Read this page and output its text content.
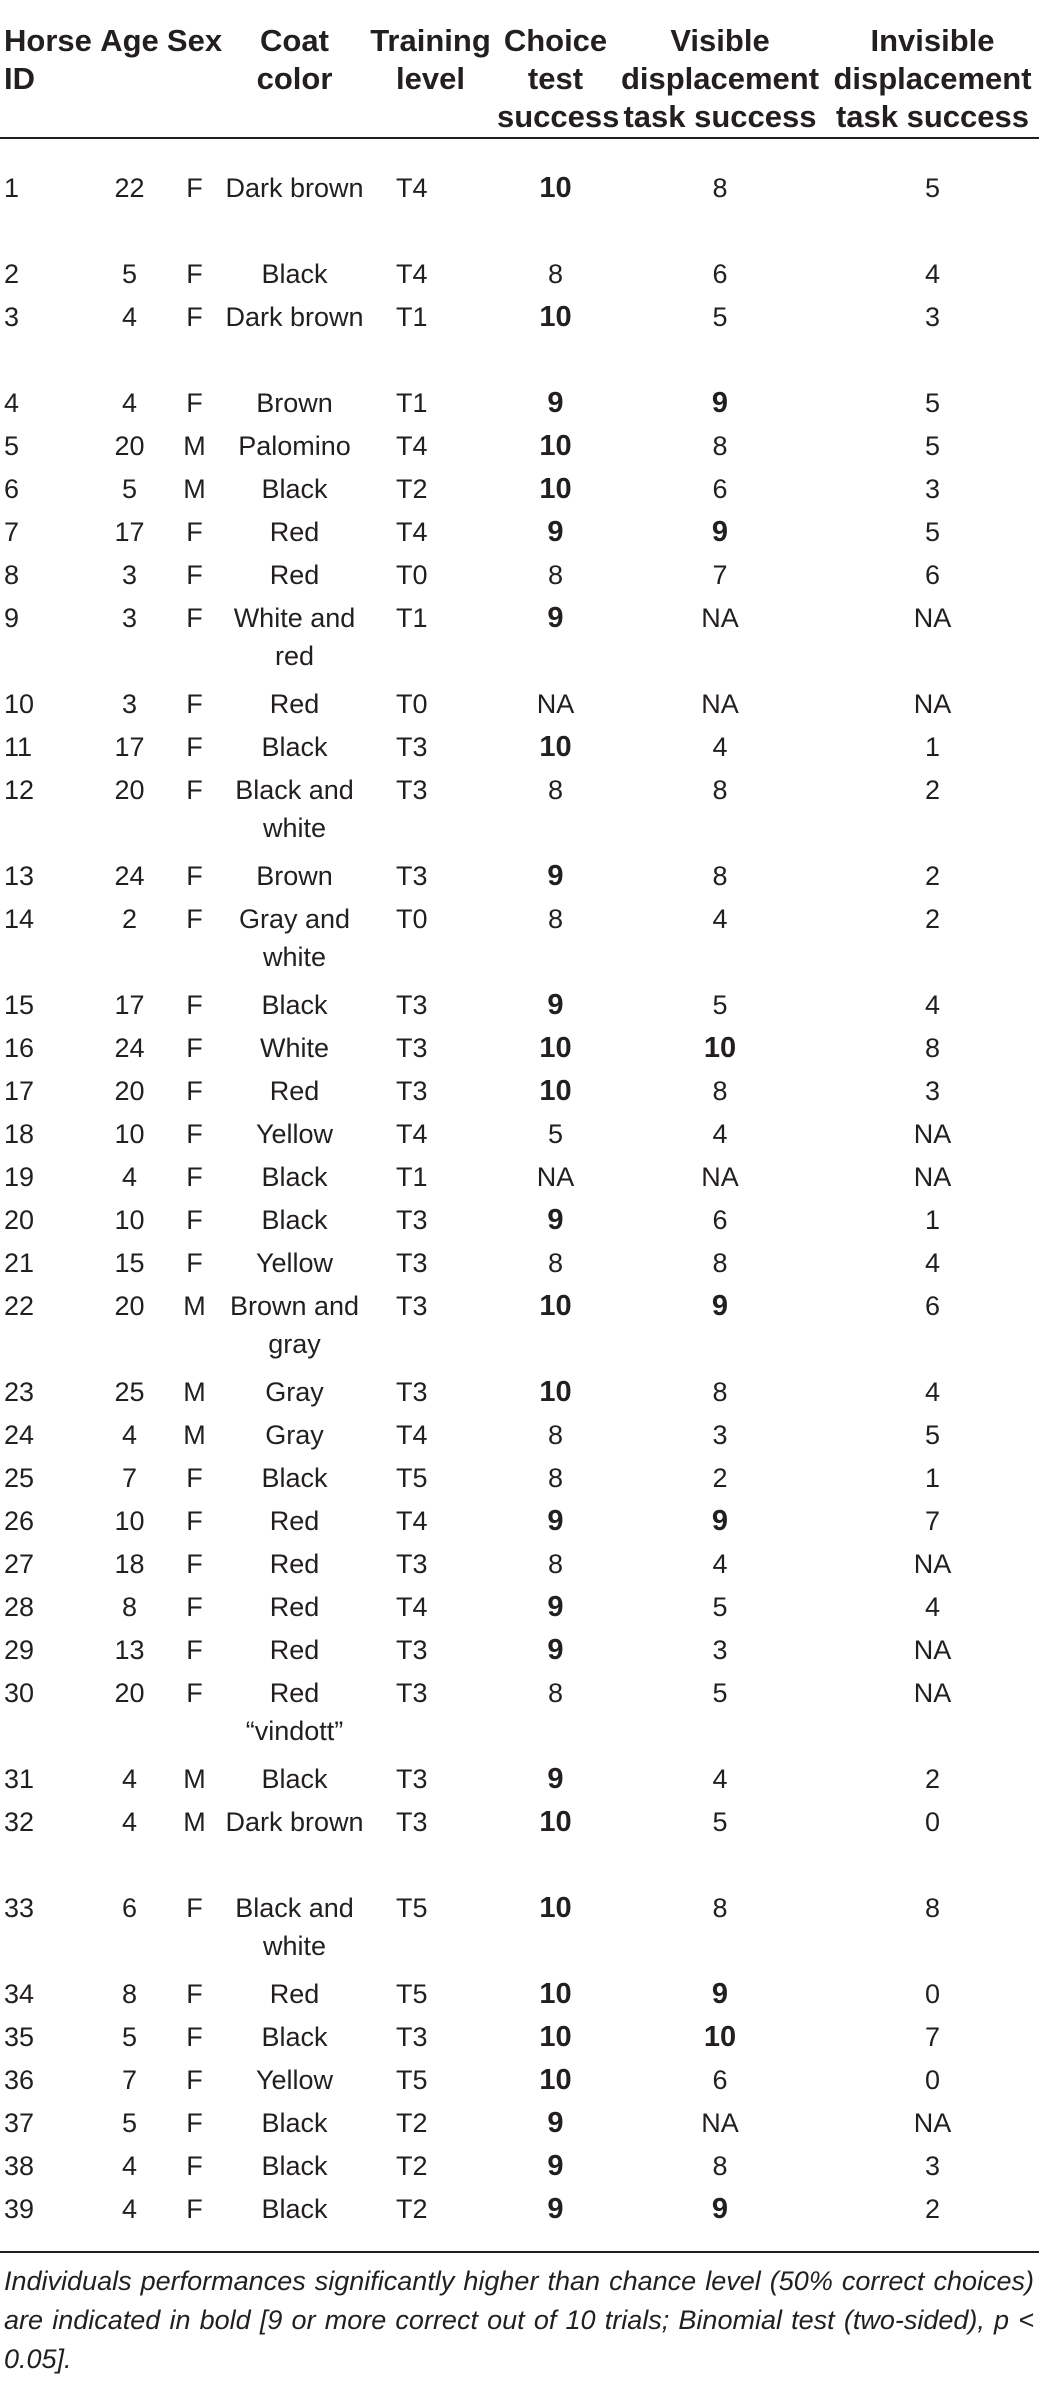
Horse ID	Age	Sex	Coat color	Training level	Choice test success	Visible displacement task success	Invisible displacement task success
1	22	F	Dark brown	T4	10	8	5
2	5	F	Black	T4	8	6	4
3	4	F	Dark brown	T1	10	5	3
4	4	F	Brown	T1	9	9	5
5	20	M	Palomino	T4	10	8	5
6	5	M	Black	T2	10	6	3
7	17	F	Red	T4	9	9	5
8	3	F	Red	T0	8	7	6
9	3	F	White and red	T1	9	NA	NA
10	3	F	Red	T0	NA	NA	NA
11	17	F	Black	T3	10	4	1
12	20	F	Black and white	T3	8	8	2
13	24	F	Brown	T3	9	8	2
14	2	F	Gray and white	T0	8	4	2
15	17	F	Black	T3	9	5	4
16	24	F	White	T3	10	10	8
17	20	F	Red	T3	10	8	3
18	10	F	Yellow	T4	5	4	NA
19	4	F	Black	T1	NA	NA	NA
20	10	F	Black	T3	9	6	1
21	15	F	Yellow	T3	8	8	4
22	20	M	Brown and gray	T3	10	9	6
23	25	M	Gray	T3	10	8	4
24	4	M	Gray	T4	8	3	5
25	7	F	Black	T5	8	2	1
26	10	F	Red	T4	9	9	7
27	18	F	Red	T3	8	4	NA
28	8	F	Red	T4	9	5	4
29	13	F	Red	T3	9	3	NA
30	20	F	Red “vindott”	T3	8	5	NA
31	4	M	Black	T3	9	4	2
32	4	M	Dark brown	T3	10	5	0
33	6	F	Black and white	T5	10	8	8
34	8	F	Red	T5	10	9	0
35	5	F	Black	T3	10	10	7
36	7	F	Yellow	T5	10	6	0
37	5	F	Black	T2	9	NA	NA
38	4	F	Black	T2	9	8	3
39	4	F	Black	T2	9	9	2
Individuals performances significantly higher than chance level (50% correct choices) are indicated in bold [9 or more correct out of 10 trials; Binomial test (two-sided), p < 0.05].
